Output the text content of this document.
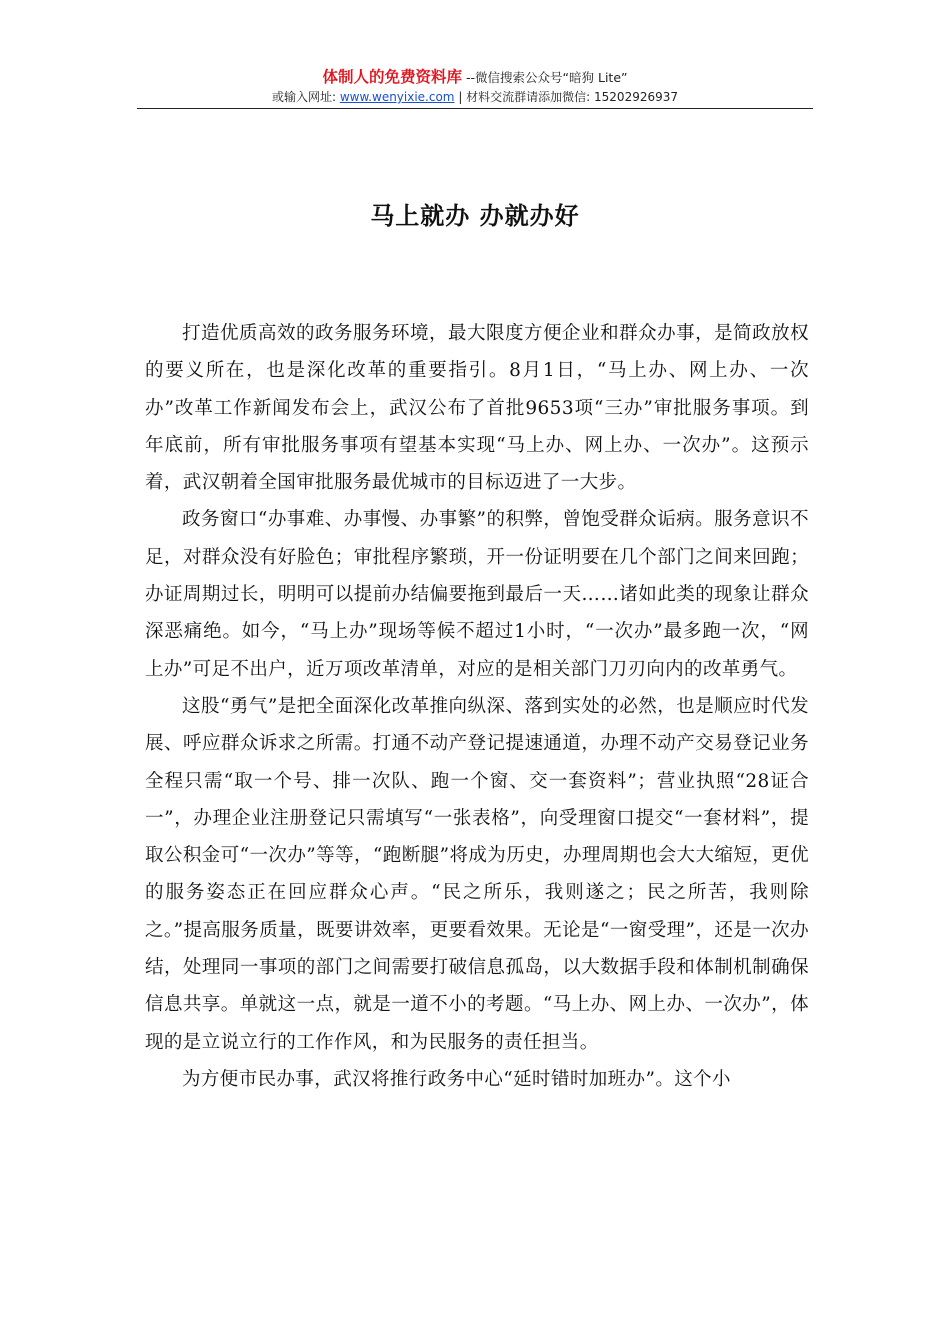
体制人的免费资料库 --微信搜索公众号“暗狗 Lite”
或输入网址: www.wenyixie.com | 材料交流群请添加微信: 15202926937
马上就办 办就办好

打造优质高效的政务服务环境，最大限度方便企业和群众办事，是简政放权的要义所在，也是深化改革的重要指引。8月1日，“马上办、网上办、一次办”改革工作新闻发布会上，武汉公布了首批9653项“三办”审批服务事项。到年底前，所有审批服务事项有望基本实现“马上办、网上办、一次办”。这预示着，武汉朝着全国审批服务最优城市的目标迈进了一大步。

政务窗口“办事难、办事慢、办事繁”的积弊，曾饱受群众诟病。服务意识不足，对群众没有好脸色；审批程序繁琐，开一份证明要在几个部门之间来回跑；办证周期过长，明明可以提前办结偏要拖到最后一天……诸如此类的现象让群众深恶痛绝。如今，“马上办”现场等候不超过1小时，“一次办”最多跑一次，“网上办”可足不出户，近万项改革清单，对应的是相关部门刀刃向内的改革勇气。

这股“勇气”是把全面深化改革推向纵深、落到实处的必然，也是顺应时代发展、呼应群众诉求之所需。打通不动产登记提速通道，办理不动产交易登记业务全程只需“取一个号、排一次队、跑一个窗、交一套资料”；营业执照“28证合一”，办理企业注册登记只需填写“一张表格”，向受理窗口提交“一套材料”，提取公积金可“一次办”等等，“跑断腿”将成为历史，办理周期也会大大缩短，更优的服务姿态正在回应群众心声。“民之所乐，我则遂之；民之所苦，我则除之。”提高服务质量，既要讲效率，更要看效果。无论是“一窗受理”，还是一次办结，处理同一事项的部门之间需要打破信息孤岛，以大数据手段和体制机制确保信息共享。单就这一点，就是一道不小的考题。“马上办、网上办、一次办”，体现的是立说立行的工作作风，和为民服务的责任担当。

为方便市民办事，武汉将推行政务中心“延时错时加班办”。这个小
